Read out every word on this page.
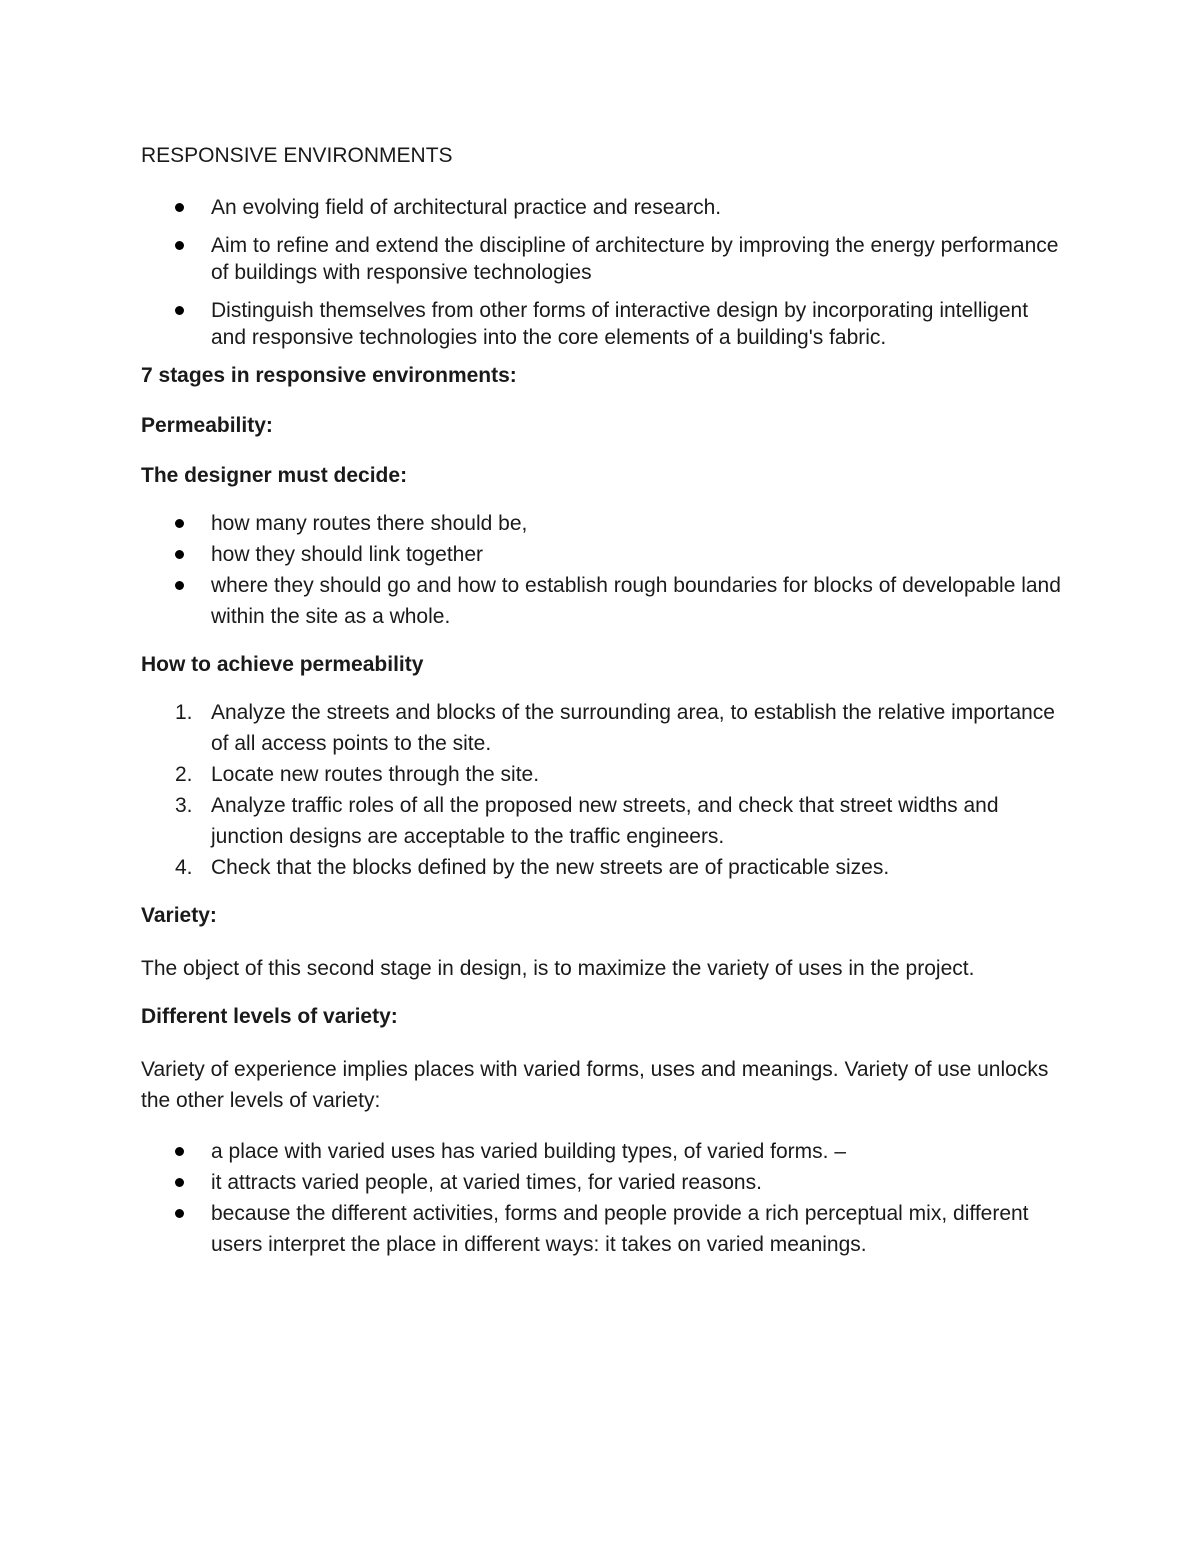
RESPONSIVE ENVIRONMENTS
An evolving field of architectural practice and research.
Aim to refine and extend the discipline of architecture by improving the energy performance of buildings with responsive technologies
Distinguish themselves from other forms of interactive design by incorporating intelligent and responsive technologies into the core elements of a building's fabric.
7 stages in responsive environments:
Permeability:
The designer must decide:
how many routes there should be,
how they should link together
where they should go and how to establish rough boundaries for blocks of developable land within the site as a whole.
How to achieve permeability
1. Analyze the streets and blocks of the surrounding area, to establish the relative importance of all access points to the site.
2. Locate new routes through the site.
3. Analyze traffic roles of all the proposed new streets, and check that street widths and junction designs are acceptable to the traffic engineers.
4. Check that the blocks defined by the new streets are of practicable sizes.
Variety:

The object of this second stage in design, is to maximize the variety of uses in the project.

Different levels of variety:

Variety of experience implies places with varied forms, uses and meanings. Variety of use unlocks the other levels of variety:

a place with varied uses has varied building types, of varied forms. –
it attracts varied people, at varied times, for varied reasons.
because the different activities, forms and people provide a rich perceptual mix, different users interpret the place in different ways: it takes on varied meanings.
